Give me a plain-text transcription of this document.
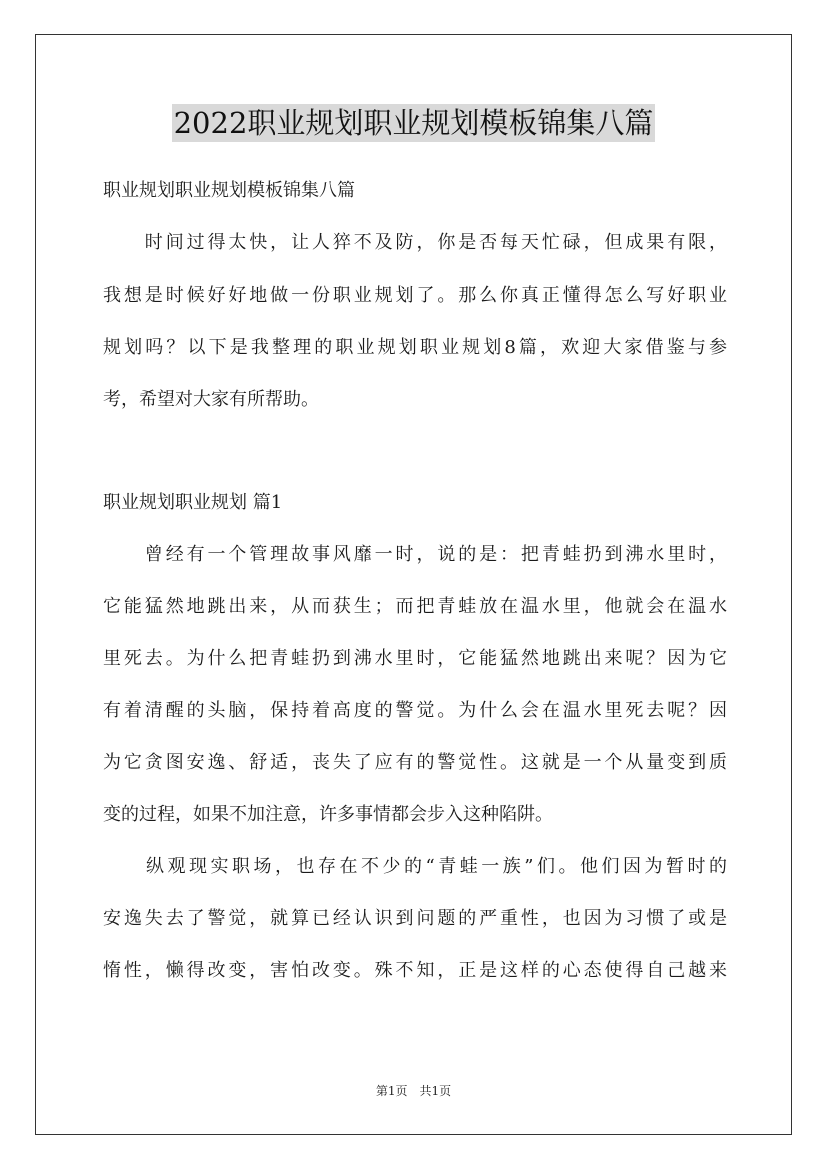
2022职业规划职业规划模板锦集八篇
职业规划职业规划模板锦集八篇
　　时间过得太快，让人猝不及防，你是否每天忙碌，但成果有限，
我想是时候好好地做一份职业规划了。那么你真正懂得怎么写好职业
规划吗？以下是我整理的职业规划职业规划8篇，欢迎大家借鉴与参
考，希望对大家有所帮助。
职业规划职业规划 篇1
　　曾经有一个管理故事风靡一时，说的是：把青蛙扔到沸水里时，
它能猛然地跳出来，从而获生；而把青蛙放在温水里，他就会在温水
里死去。为什么把青蛙扔到沸水里时，它能猛然地跳出来呢？因为它
有着清醒的头脑，保持着高度的警觉。为什么会在温水里死去呢？因
为它贪图安逸、舒适，丧失了应有的警觉性。这就是一个从量变到质
变的过程，如果不加注意，许多事情都会步入这种陷阱。
　　纵观现实职场，也存在不少的“青蛙一族”们。他们因为暂时的
安逸失去了警觉，就算已经认识到问题的严重性，也因为习惯了或是
惰性，懒得改变，害怕改变。殊不知，正是这样的心态使得自己越来
第1页　共1页
